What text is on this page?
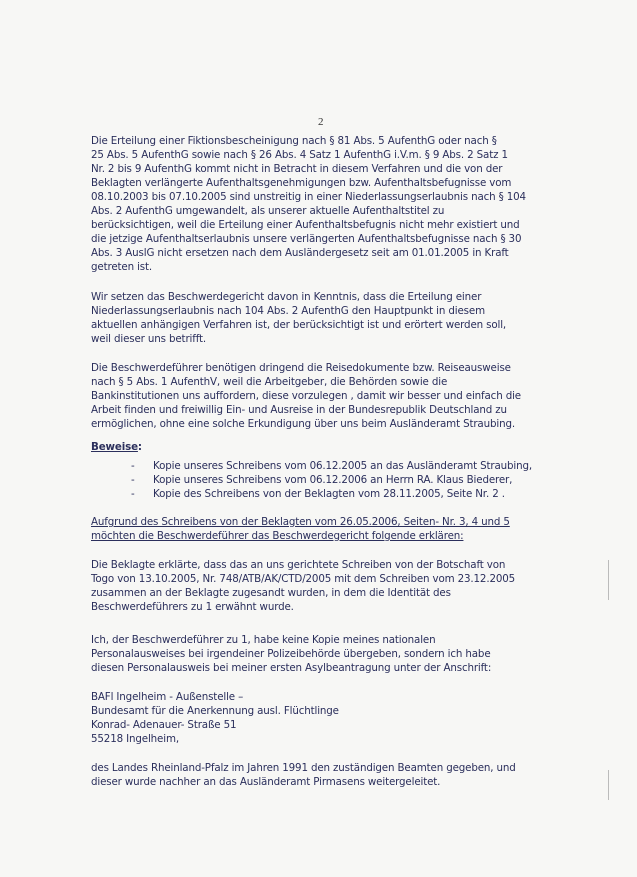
2
Die Erteilung einer Fiktionsbescheinigung nach § 81 Abs. 5 AufenthG oder nach §
25 Abs. 5 AufenthG sowie nach § 26 Abs. 4 Satz 1 AufenthG i.V.m. § 9 Abs. 2 Satz 1
Nr. 2 bis 9 AufenthG kommt nicht in Betracht in diesem Verfahren und die von der
Beklagten verlängerte Aufenthaltsgenehmigungen bzw. Aufenthaltsbefugnisse vom
08.10.2003 bis 07.10.2005 sind unstreitig in einer Niederlassungserlaubnis nach § 104
Abs. 2 AufenthG umgewandelt, als unserer aktuelle Aufenthaltstitel zu
berücksichtigen, weil die Erteilung einer Aufenthaltsbefugnis nicht mehr existiert und
die jetzige Aufenthaltserlaubnis unsere verlängerten Aufenthaltsbefugnisse nach § 30
Abs. 3 AuslG nicht ersetzen nach dem Ausländergesetz seit am 01.01.2005 in Kraft
getreten ist.
Wir setzen das Beschwerdegericht davon in Kenntnis, dass die Erteilung einer
Niederlassungserlaubnis nach 104 Abs. 2 AufenthG den Hauptpunkt in diesem
aktuellen anhängigen Verfahren ist, der berücksichtigt ist und erörtert werden soll,
weil dieser uns betrifft.
Die Beschwerdeführer benötigen dringend die Reisedokumente bzw. Reiseausweise
nach § 5 Abs. 1 AufenthV, weil die Arbeitgeber, die Behörden sowie die
Bankinstitutionen uns auffordern, diese vorzulegen , damit wir besser und einfach die
Arbeit finden und freiwillig Ein- und Ausreise in der Bundesrepublik Deutschland zu
ermöglichen, ohne eine solche Erkundigung über uns beim Ausländeramt Straubing.
Beweise:
- Kopie unseres Schreibens vom 06.12.2005 an das Ausländeramt Straubing,
- Kopie unseres Schreibens vom 06.12.2006 an Herrn RA. Klaus Biederer,
- Kopie des Schreibens von der Beklagten vom 28.11.2005, Seite Nr. 2 .
Aufgrund des Schreibens von der Beklagten vom 26.05.2006, Seiten- Nr. 3, 4 und 5
möchten die Beschwerdeführer das Beschwerdegericht folgende erklären:
Die Beklagte erklärte, dass das an uns gerichtete Schreiben von der Botschaft von
Togo von 13.10.2005, Nr. 748/ATB/AK/CTD/2005 mit dem Schreiben vom 23.12.2005
zusammen an der Beklagte zugesandt wurden, in dem die Identität des
Beschwerdeführers zu 1 erwähnt wurde.
Ich, der Beschwerdeführer zu 1, habe keine Kopie meines nationalen
Personalausweises bei irgendeiner Polizeibehörde übergeben, sondern ich habe
diesen Personalausweis bei meiner ersten Asylbeantragung unter der Anschrift:
BAFl Ingelheim - Außenstelle –
Bundesamt für die Anerkennung ausl. Flüchtlinge
Konrad- Adenauer- Straße 51
55218 Ingelheim,
des Landes Rheinland-Pfalz im Jahren 1991 den zuständigen Beamten gegeben, und
dieser wurde nachher an das Ausländeramt Pirmasens weitergeleitet.
